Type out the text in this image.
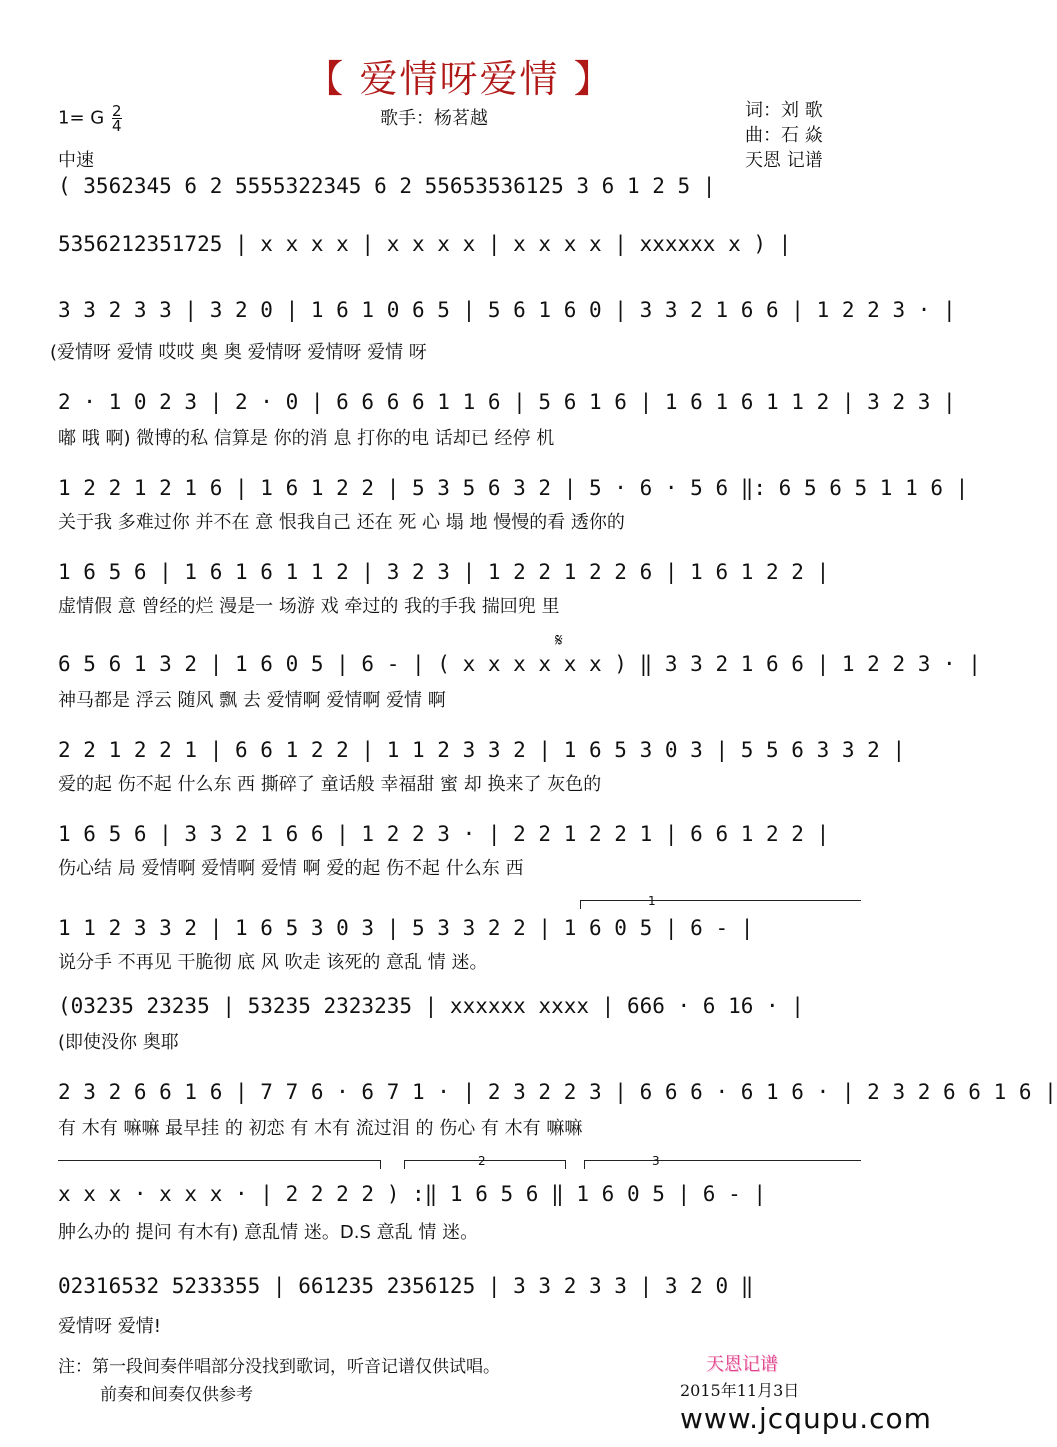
【 爱情呀爱情 】
1= G $\frac{2}{4}$	歌手：杨茗越	词：刘 歌
曲：石 焱
中速	天恩 记谱
( 3562345 6 2 5555322345 6 2 55653536125 3 6 1 2 5 |
5356212351725 | x x x x | x x x x | x x x x | xxxxxx x ) |
3 3 2 3 3 | 3 2 0 | 1 6 1 0 6 5 | 5 6 1 6 0 | 3 3 2 1 6 6 | 1 2 2 3 · |
(爱情呀 爱情 哎哎 奥 奥 爱情呀 爱情呀 爱情 呀
2 · 1 0 2 3 | 2 · 0 | 6 6 6 6 1 1 6 | 5 6 1 6 | 1 6 1 6 1 1 2 | 3 2 3 |
嘟 哦 啊) 微博的私 信算是 你的消 息 打你的电 话却已 经停 机
1 2 2 1 2 1 6 | 1 6 1 2 2 | 5 3 5 6 3 2 | 5 · 6 · 5 6 ‖: 6 5 6 5 1 1 6 |
关于我 多难过你 并不在 意 恨我自己 还在 死 心 塌 地 慢慢的看 透你的
1 6 5 6 | 1 6 1 6 1 1 2 | 3 2 3 | 1 2 2 1 2 2 6 | 1 6 1 2 2 |
虚情假 意 曾经的烂 漫是一 场游 戏 牵过的 我的手我 揣回兜 里
𝄋
6 5 6 1 3 2 | 1 6 0 5 | 6 - | ( x x x x x x ) ‖ 3 3 2 1 6 6 | 1 2 2 3 · |
神马都是 浮云 随风 飘 去 爱情啊 爱情啊 爱情 啊
2 2 1 2 2 1 | 6 6 1 2 2 | 1 1 2 3 3 2 | 1 6 5 3 0 3 | 5 5 6 3 3 2 |
爱的起 伤不起 什么东 西 撕碎了 童话般 幸福甜 蜜 却 换来了 灰色的
1 6 5 6 | 3 3 2 1 6 6 | 1 2 2 3 · | 2 2 1 2 2 1 | 6 6 1 2 2 |
伤心结 局 爱情啊 爱情啊 爱情 啊 爱的起 伤不起 什么东 西
1
1 1 2 3 3 2 | 1 6 5 3 0 3 | 5 3 3 2 2 | 1 6 0 5 | 6 - |
说分手 不再见 干脆彻 底 风 吹走 该死的 意乱 情 迷。
(03235 23235 | 53235 2323235 | xxxxxx xxxx | 666 · 6 16 · |
(即使没你 奥耶
2 3 2 6 6 1 6 | 7 7 6 · 6 7 1 · | 2 3 2 2 3 | 6 6 6 · 6 1 6 · | 2 3 2 6 6 1 6 |
有 木有 嘛嘛 最早挂 的 初恋 有 木有 流过泪 的 伤心 有 木有 嘛嘛
2	3
x x x · x x x · | 2 2 2 2 ) :‖ 1 6 5 6 ‖ 1 6 0 5 | 6 - |
肿么办的 提问 有木有) 意乱情 迷。D.S 意乱 情 迷。
02316532 5233355 | 661235 2356125 | 3 3 2 3 3 | 3 2 0 ‖
爱情呀 爱情!
注：第一段间奏伴唱部分没找到歌词，听音记谱仅供试唱。
前奏和间奏仅供参考
天恩记谱
2015年11月3日
www.jcqupu.com
